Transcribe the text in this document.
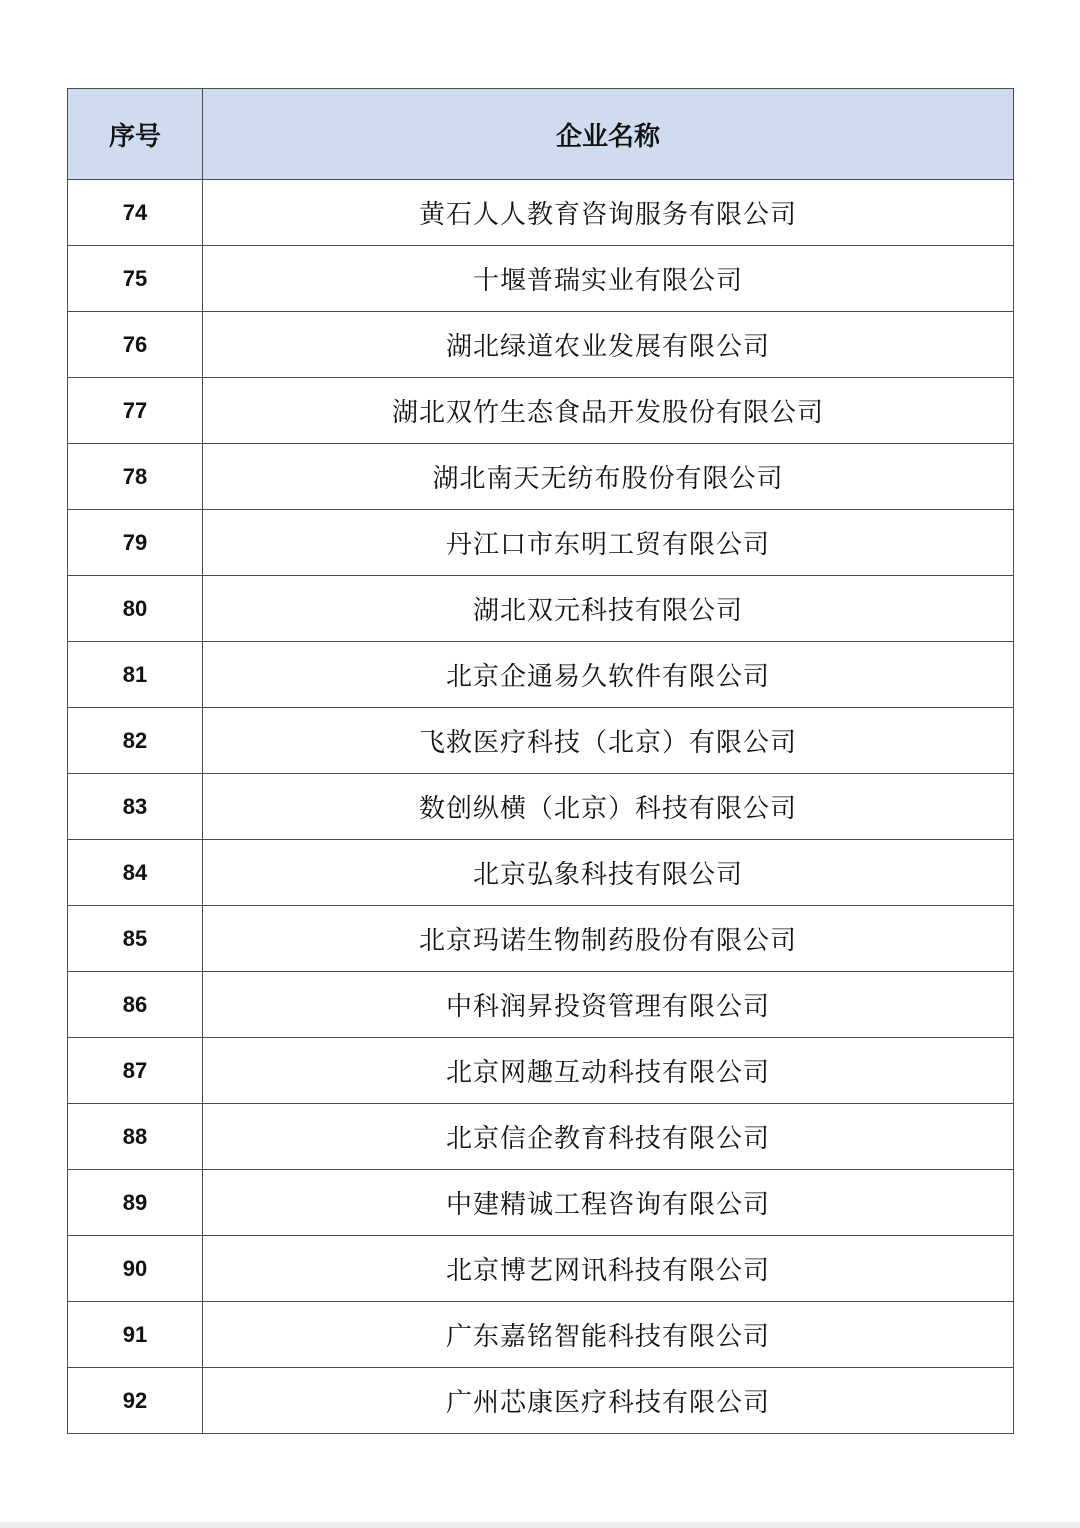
序号	企业名称
74	黄石人人教育咨询服务有限公司
75	十堰普瑞实业有限公司
76	湖北绿道农业发展有限公司
77	湖北双竹生态食品开发股份有限公司
78	湖北南天无纺布股份有限公司
79	丹江口市东明工贸有限公司
80	湖北双元科技有限公司
81	北京企通易久软件有限公司
82	飞救医疗科技（北京）有限公司
83	数创纵横（北京）科技有限公司
84	北京弘象科技有限公司
85	北京玛诺生物制药股份有限公司
86	中科润昇投资管理有限公司
87	北京网趣互动科技有限公司
88	北京信企教育科技有限公司
89	中建精诚工程咨询有限公司
90	北京博艺网讯科技有限公司
91	广东嘉铭智能科技有限公司
92	广州芯康医疗科技有限公司
